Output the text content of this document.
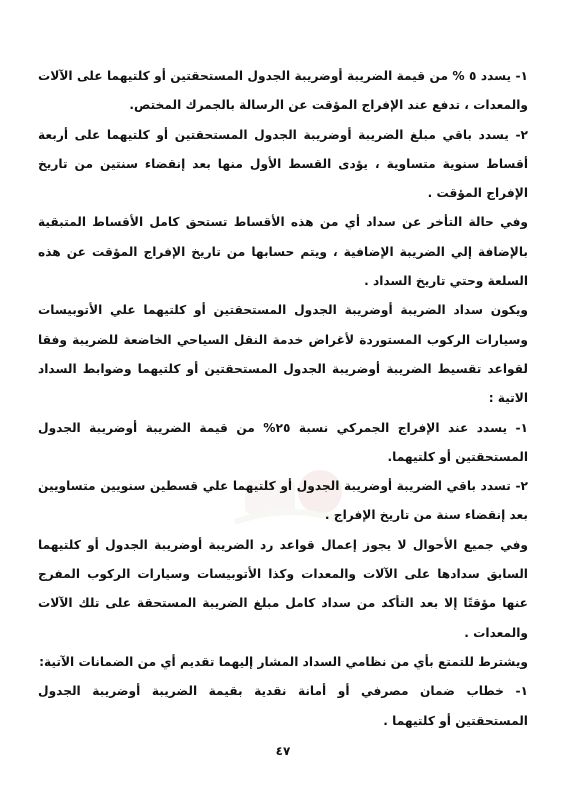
١- يسدد ٥ % من قيمة الضريبة أوضريبة الجدول المستحقتين أو كلتيهما على الآلات والمعدات ، تدفع عند الإفراج المؤقت عن الرسالة بالجمرك المختص.

٢- يسدد باقي مبلغ الضريبة أوضريبة الجدول المستحقتين أو كلتيهما على أربعة أقساط سنوية متساوية ، يؤدى القسط الأول منها بعد إنقضاء سنتين من تاريخ الإفراج المؤقت .

وفي حالة التأخر عن سداد أي من هذه الأقساط تستحق كامل الأقساط المتبقية بالإضافة إلي الضريبة الإضافية ، ويتم حسابها من تاريخ الإفراج المؤقت عن هذه السلعة وحتي تاريخ السداد .

ويكون سداد الضريبة أوضريبة الجدول المستحقتين أو كلتيهما علي الأتوبيسات وسيارات الركوب المستوردة لأغراض خدمة النقل السياحي الخاضعة للضريبة وفقا لقواعد تقسيط الضريبة أوضريبة الجدول المستحقتين أو كلتيهما وضوابط السداد الاتية :

١- يسدد عند الإفراج الجمركي نسبة ٢٥% من قيمة الضريبة أوضريبة الجدول المستحقتين أو كلتيهما.

٢- تسدد باقي الضريبة أوضريبة الجدول أو كلتيهما علي قسطين سنويين متساويين بعد إنقضاء سنة من تاريخ الإفراج .

وفي جميع الأحوال لا يجوز إعمال قواعد رد الضريبة أوضريبة الجدول أو كلتيهما السابق سدادها على الآلات والمعدات وكذا الأتوبيسات وسيارات الركوب المفرج عنها مؤقتًا إلا بعد التأكد من سداد كامل مبلغ الضريبة المستحقة على تلك الآلات والمعدات .

ويشترط للتمتع بأي من نظامي السداد المشار إليهما تقديم أي من الضمانات الآتية:

١- خطاب ضمان مصرفي أو أمانة نقدية بقيمة الضريبة أوضريبة الجدول المستحقتين أو كلتيهما .

٤٧
